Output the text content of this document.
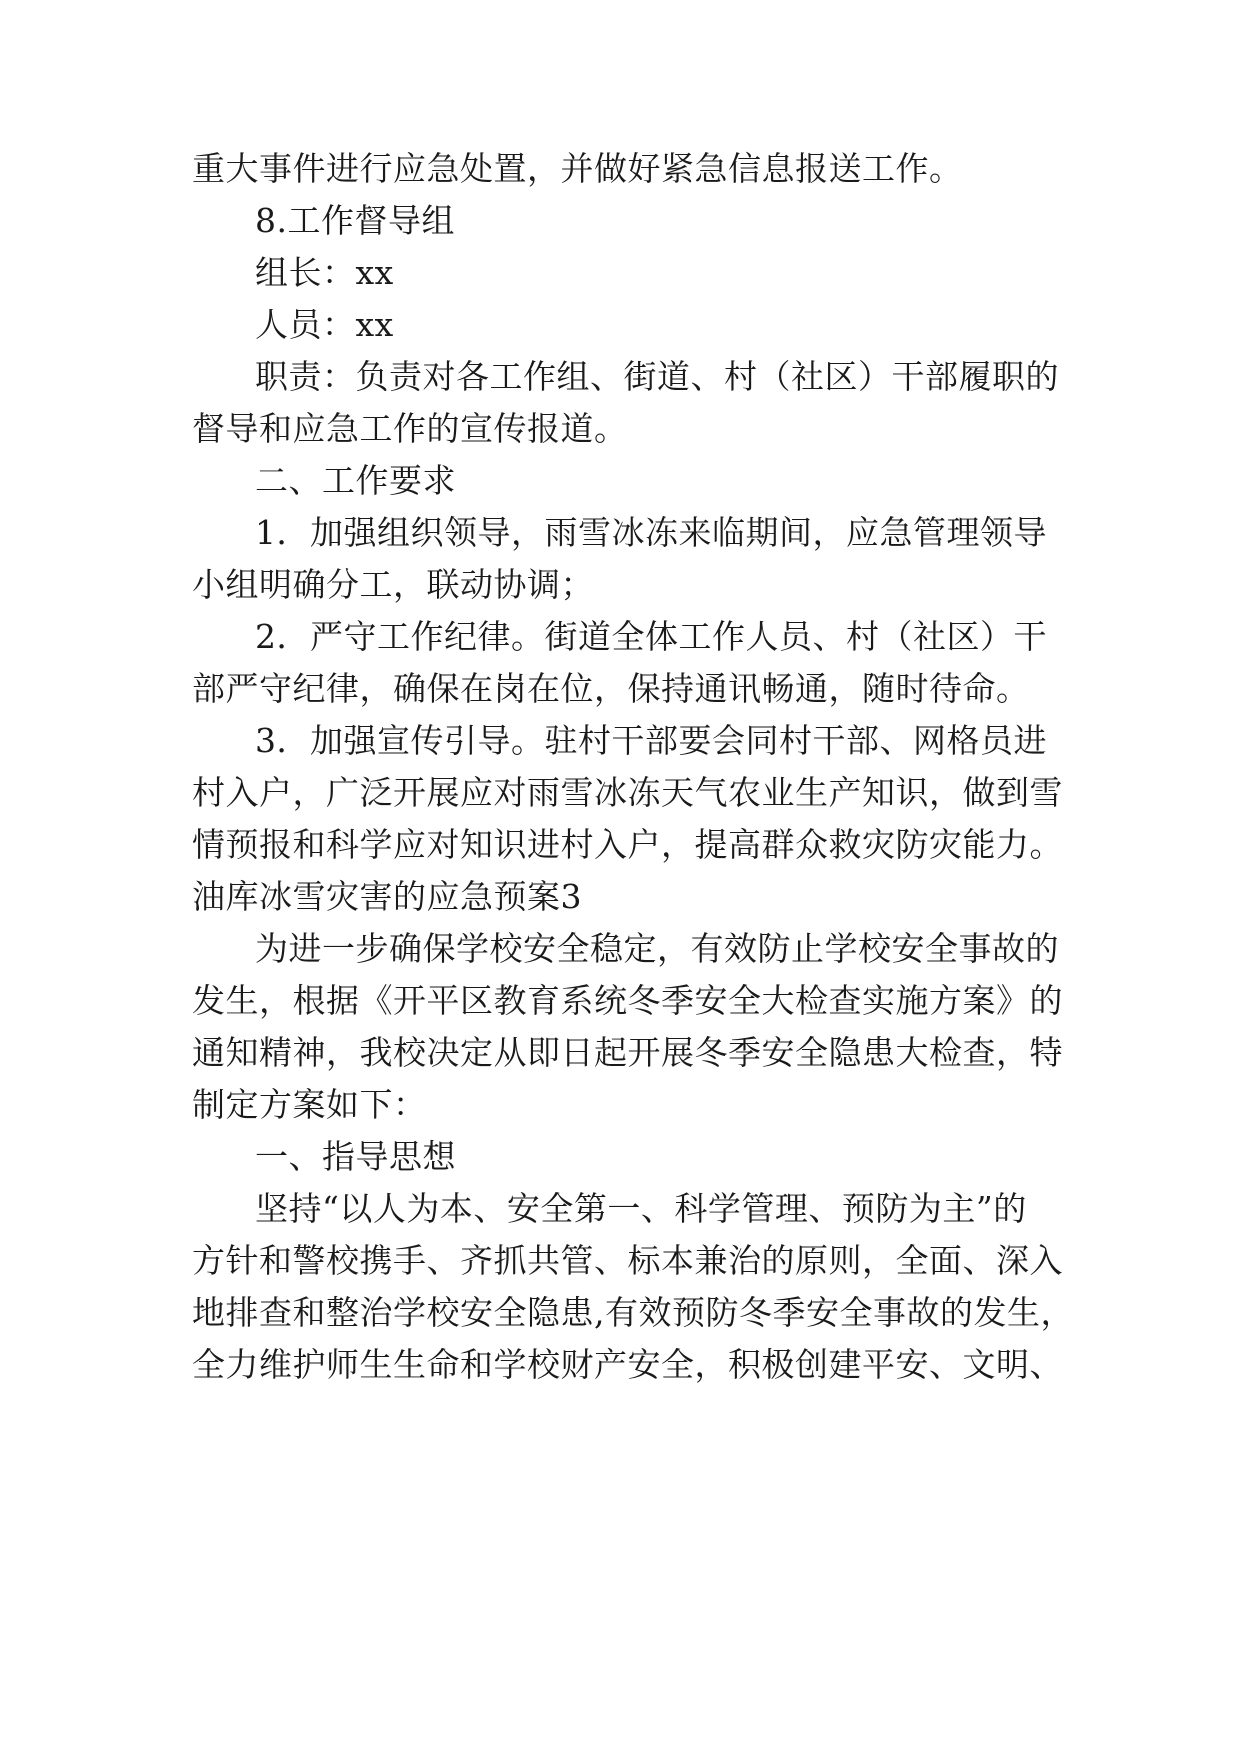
重大事件进行应急处置，并做好紧急信息报送工作。
8.工作督导组
组长：xx
人员：xx
职责：负责对各工作组、街道、村（社区）干部履职的
督导和应急工作的宣传报道。
二、工作要求
1．加强组织领导，雨雪冰冻来临期间，应急管理领导
小组明确分工，联动协调；
2．严守工作纪律。街道全体工作人员、村（社区）干
部严守纪律，确保在岗在位，保持通讯畅通，随时待命。
3．加强宣传引导。驻村干部要会同村干部、网格员进
村入户，广泛开展应对雨雪冰冻天气农业生产知识，做到雪
情预报和科学应对知识进村入户，提高群众救灾防灾能力。
油库冰雪灾害的应急预案3
为进一步确保学校安全稳定，有效防止学校安全事故的
发生，根据《开平区教育系统冬季安全大检查实施方案》的
通知精神，我校决定从即日起开展冬季安全隐患大检查，特
制定方案如下：
一、指导思想
坚持“以人为本、安全第一、科学管理、预防为主”的
方针和警校携手、齐抓共管、标本兼治的原则，全面、深入
地排查和整治学校安全隐患,有效预防冬季安全事故的发生，
全力维护师生生命和学校财产安全，积极创建平安、文明、
